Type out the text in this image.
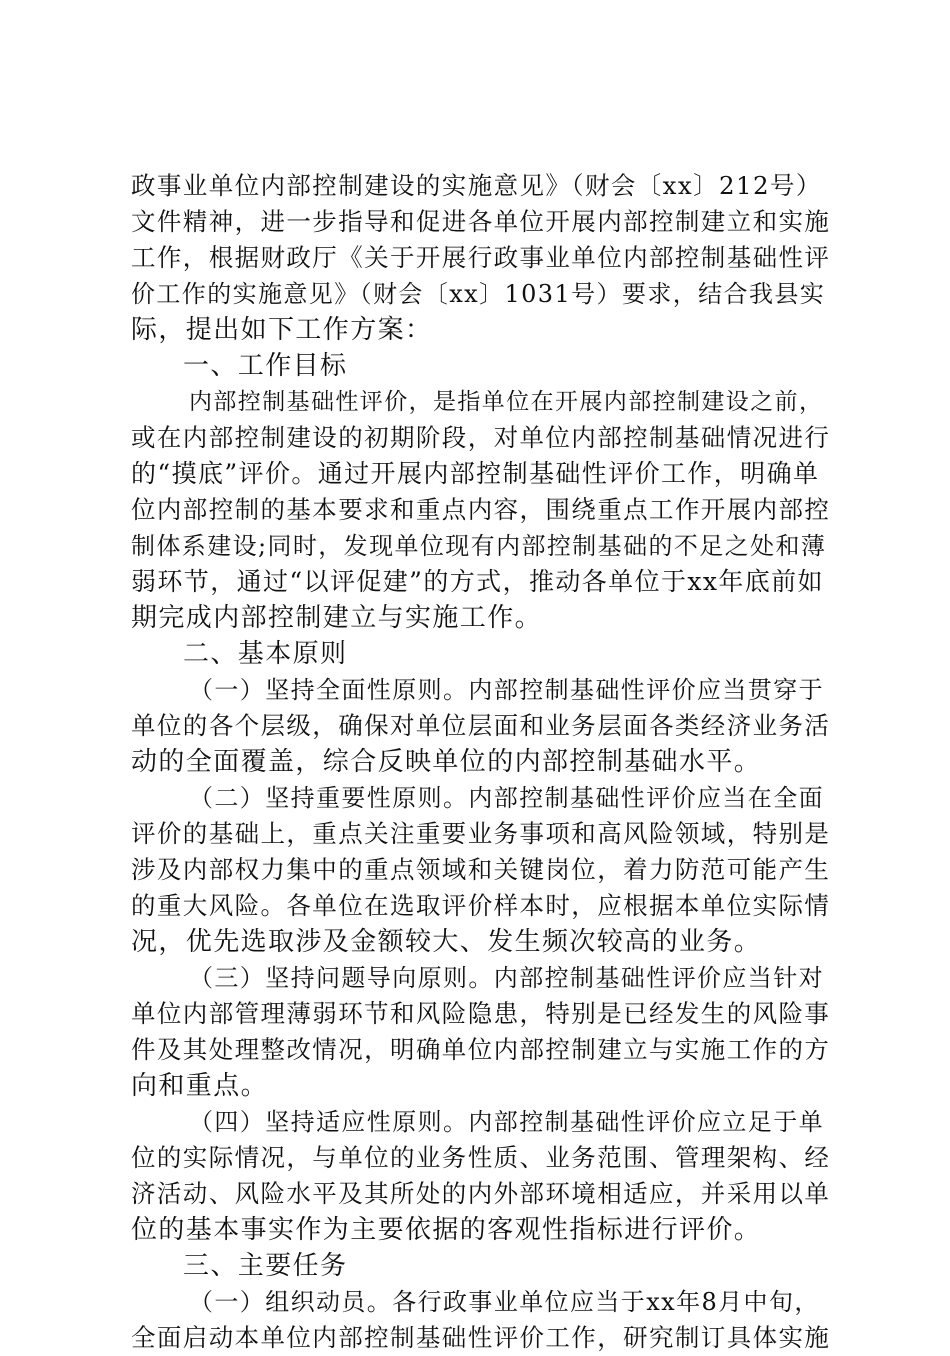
政事业单位内部控制建设的实施意见》（财会〔xx〕212号）
文件精神，进一步指导和促进各单位开展内部控制建立和实施
工作，根据财政厅《关于开展行政事业单位内部控制基础性评
价工作的实施意见》（财会〔xx〕1031号）要求，结合我县实
际，提出如下工作方案：
一、工作目标
内部控制基础性评价，是指单位在开展内部控制建设之前，
或在内部控制建设的初期阶段，对单位内部控制基础情况进行
的“摸底”评价。通过开展内部控制基础性评价工作，明确单
位内部控制的基本要求和重点内容，围绕重点工作开展内部控
制体系建设;同时，发现单位现有内部控制基础的不足之处和薄
弱环节，通过“以评促建”的方式，推动各单位于xx年底前如
期完成内部控制建立与实施工作。
二、基本原则
（一）坚持全面性原则。内部控制基础性评价应当贯穿于
单位的各个层级，确保对单位层面和业务层面各类经济业务活
动的全面覆盖，综合反映单位的内部控制基础水平。
（二）坚持重要性原则。内部控制基础性评价应当在全面
评价的基础上，重点关注重要业务事项和高风险领域，特别是
涉及内部权力集中的重点领域和关键岗位，着力防范可能产生
的重大风险。各单位在选取评价样本时，应根据本单位实际情
况，优先选取涉及金额较大、发生频次较高的业务。
（三）坚持问题导向原则。内部控制基础性评价应当针对
单位内部管理薄弱环节和风险隐患，特别是已经发生的风险事
件及其处理整改情况，明确单位内部控制建立与实施工作的方
向和重点。
（四）坚持适应性原则。内部控制基础性评价应立足于单
位的实际情况，与单位的业务性质、业务范围、管理架构、经
济活动、风险水平及其所处的内外部环境相适应，并采用以单
位的基本事实作为主要依据的客观性指标进行评价。
三、主要任务
（一）组织动员。各行政事业单位应当于xx年8月中旬，
全面启动本单位内部控制基础性评价工作，研究制订具体实施
